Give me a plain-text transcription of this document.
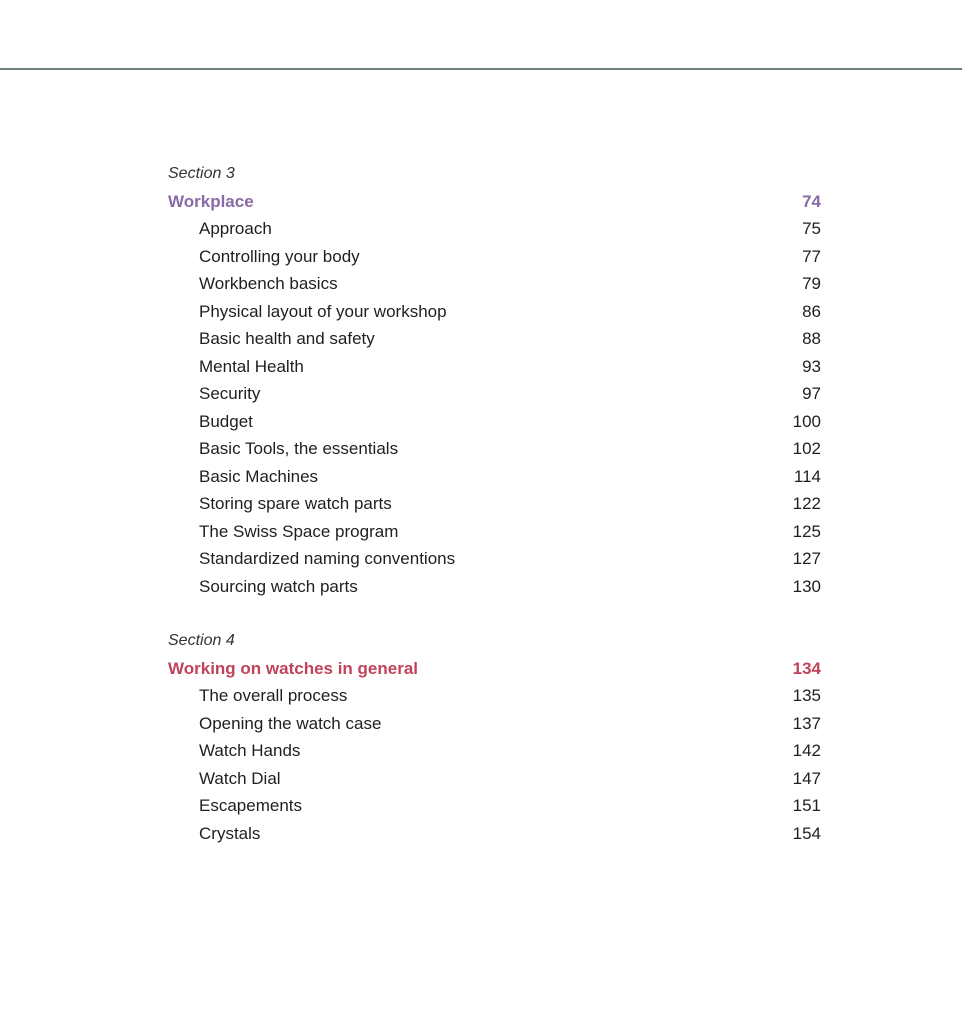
Section 3
Workplace	74
Approach	75
Controlling your body	77
Workbench basics	79
Physical layout of your workshop	86
Basic health and safety	88
Mental Health	93
Security	97
Budget	100
Basic Tools, the essentials	102
Basic Machines	114
Storing spare watch parts	122
The Swiss Space program	125
Standardized naming conventions	127
Sourcing watch parts	130
Section 4
Working on watches in general	134
The overall process	135
Opening the watch case	137
Watch Hands	142
Watch Dial	147
Escapements	151
Crystals	154
